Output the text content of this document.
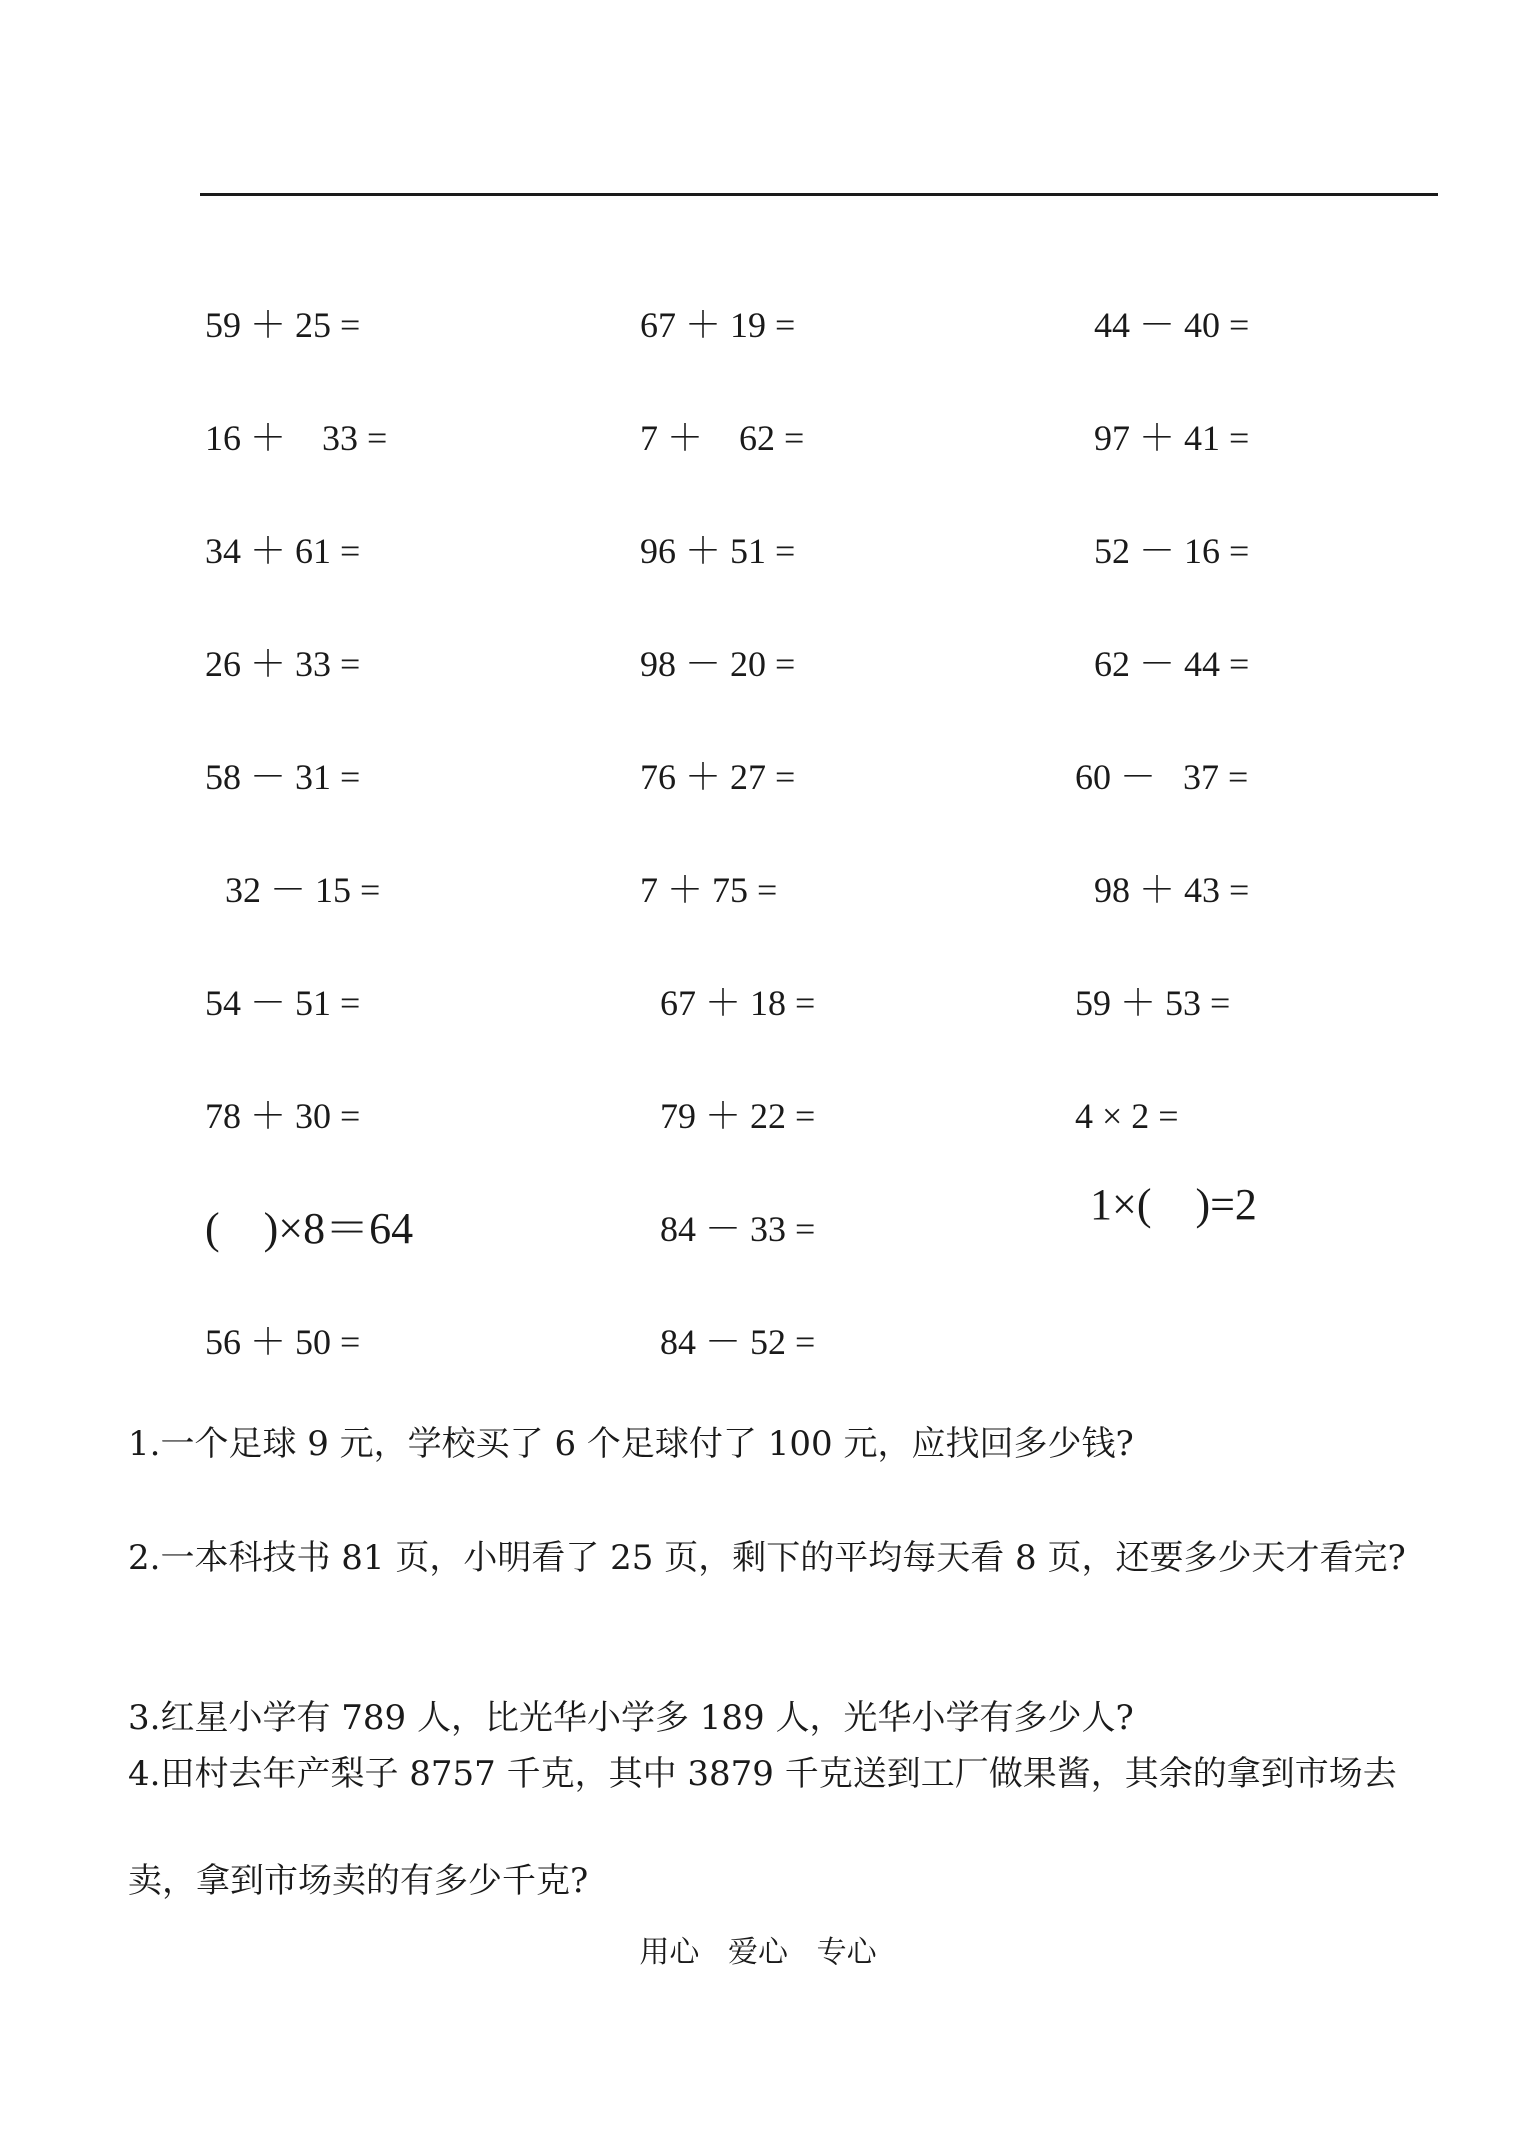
59 ＋ 25 =
16 ＋    33 =
34 ＋ 61 =
26 ＋ 33 =
58 － 31 =
32 － 15 =
54 － 51 =
78 ＋ 30 =
(    )×8＝64
56 ＋ 50 =
67 ＋ 19 =
7 ＋    62 =
96 ＋ 51 =
98 － 20 =
76 ＋ 27 =
7 ＋ 75 =
67 ＋ 18 =
79 ＋ 22 =
84 － 33 =
84 － 52 =
44 － 40 =
97 ＋ 41 =
52 － 16 =
62 － 44 =
60 －   37 =
98 ＋ 43 =
59 ＋ 53 =
4 × 2 =
1×(    )=2
1.一个足球 9 元，学校买了 6 个足球付了 100 元，应找回多少钱?
2.一本科技书 81 页，小明看了 25 页，剩下的平均每天看 8 页，还要多少天才看完?
3.红星小学有 789 人，比光华小学多 189 人，光华小学有多少人?
4.田村去年产梨子 8757 千克，其中 3879 千克送到工厂做果酱，其余的拿到市场去
卖，拿到市场卖的有多少千克?
用心   爱心   专心
